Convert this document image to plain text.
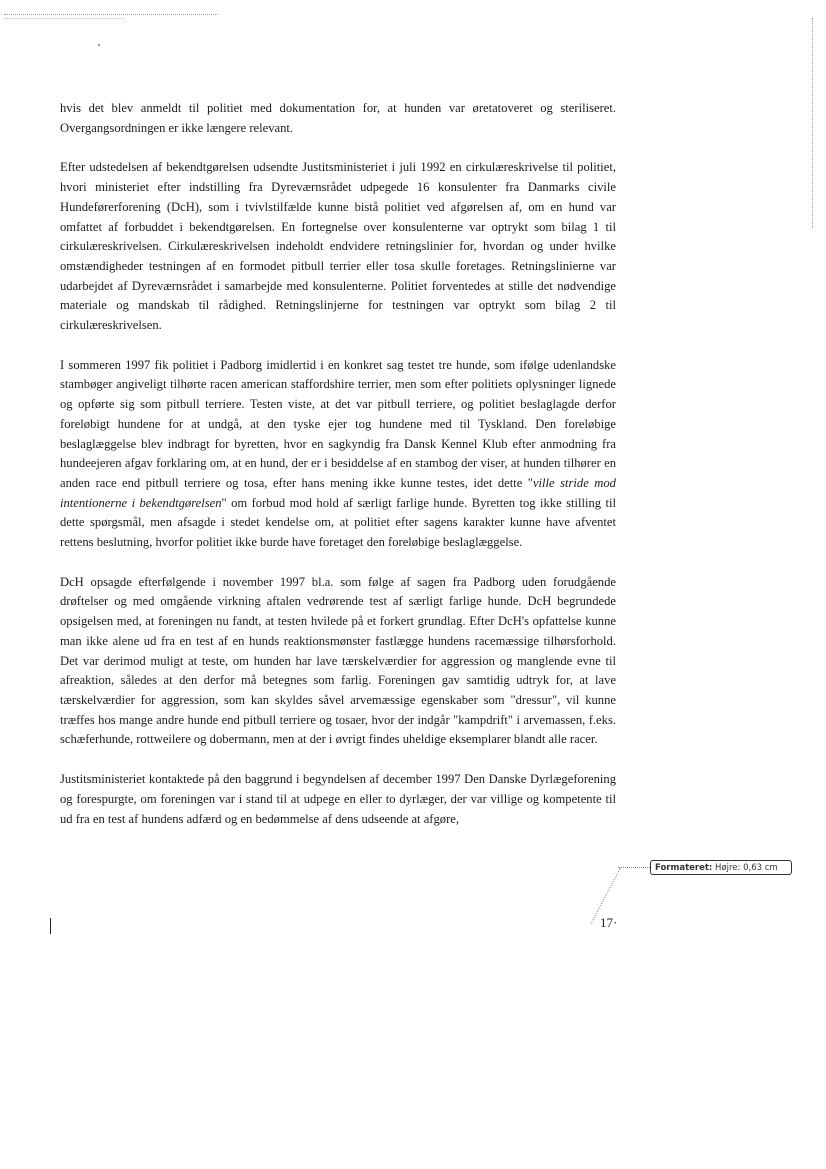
hvis det blev anmeldt til politiet med dokumentation for, at hunden var øretatoveret og steriliseret. Overgangsordningen er ikke længere relevant.

Efter udstedelsen af bekendtgørelsen udsendte Justitsministeriet i juli 1992 en cirkulæreskrivelse til politiet, hvori ministeriet efter indstilling fra Dyreværnsrådet udpegede 16 konsulenter fra Danmarks civile Hundeførerforening (DcH), som i tvivlstilfælde kunne bistå politiet ved afgørelsen af, om en hund var omfattet af forbuddet i bekendtgørelsen. En fortegnelse over konsulenterne var optrykt som bilag 1 til cirkulæreskrivelsen. Cirkulæreskrivelsen indeholdt endvidere retningslinier for, hvordan og under hvilke omstændigheder testningen af en formodet pitbull terrier eller tosa skulle foretages. Retningslinierne var udarbejdet af Dyreværnsrådet i samarbejde med konsulenterne. Politiet forventedes at stille det nødvendige materiale og mandskab til rådighed. Retningslinjerne for testningen var optrykt som bilag 2 til cirkulæreskrivelsen.

I sommeren 1997 fik politiet i Padborg imidlertid i en konkret sag testet tre hunde, som ifølge udenlandske stambøger angiveligt tilhørte racen american staffordshire terrier, men som efter politiets oplysninger lignede og opførte sig som pitbull terriere. Testen viste, at det var pitbull terriere, og politiet beslaglagde derfor foreløbigt hundene for at undgå, at den tyske ejer tog hundene med til Tyskland. Den foreløbige beslaglæggelse blev indbragt for byretten, hvor en sagkyndig fra Dansk Kennel Klub efter anmodning fra hundeejeren afgav forklaring om, at en hund, der er i besiddelse af en stambog der viser, at hunden tilhører en anden race end pitbull terriere og tosa, efter hans mening ikke kunne testes, idet dette "ville stride mod intentionerne i bekendtgørelsen" om forbud mod hold af særligt farlige hunde. Byretten tog ikke stilling til dette spørgsmål, men afsagde i stedet kendelse om, at politiet efter sagens karakter kunne have afventet rettens beslutning, hvorfor politiet ikke burde have foretaget den foreløbige beslaglæggelse.

DcH opsagde efterfølgende i november 1997 bl.a. som følge af sagen fra Padborg uden forudgående drøftelser og med omgående virkning aftalen vedrørende test af særligt farlige hunde. DcH begrundede opsigelsen med, at foreningen nu fandt, at testen hvilede på et forkert grundlag. Efter DcH's opfattelse kunne man ikke alene ud fra en test af en hunds reaktionsmønster fastlægge hundens racemæssige tilhørsforhold. Det var derimod muligt at teste, om hunden har lave tærskelværdier for aggression og manglende evne til afreaktion, således at den derfor må betegnes som farlig. Foreningen gav samtidig udtryk for, at lave tærskelværdier for aggression, som kan skyldes såvel arvemæssige egenskaber som "dressur", vil kunne træffes hos mange andre hunde end pitbull terriere og tosaer, hvor der indgår "kampdrift" i arvemassen, f.eks. schæferhunde, rottweilere og dobermann, men at der i øvrigt findes uheldige eksemplarer blandt alle racer.

Justitsministeriet kontaktede på den baggrund i begyndelsen af december 1997 Den Danske Dyrlægeforening og forespurgte, om foreningen var i stand til at udpege en eller to dyrlæger, der var villige og kompetente til ud fra en test af hundens adfærd og en bedømmelse af dens udseende at afgøre,

17·
Formateret: Højre: 0,63 cm
